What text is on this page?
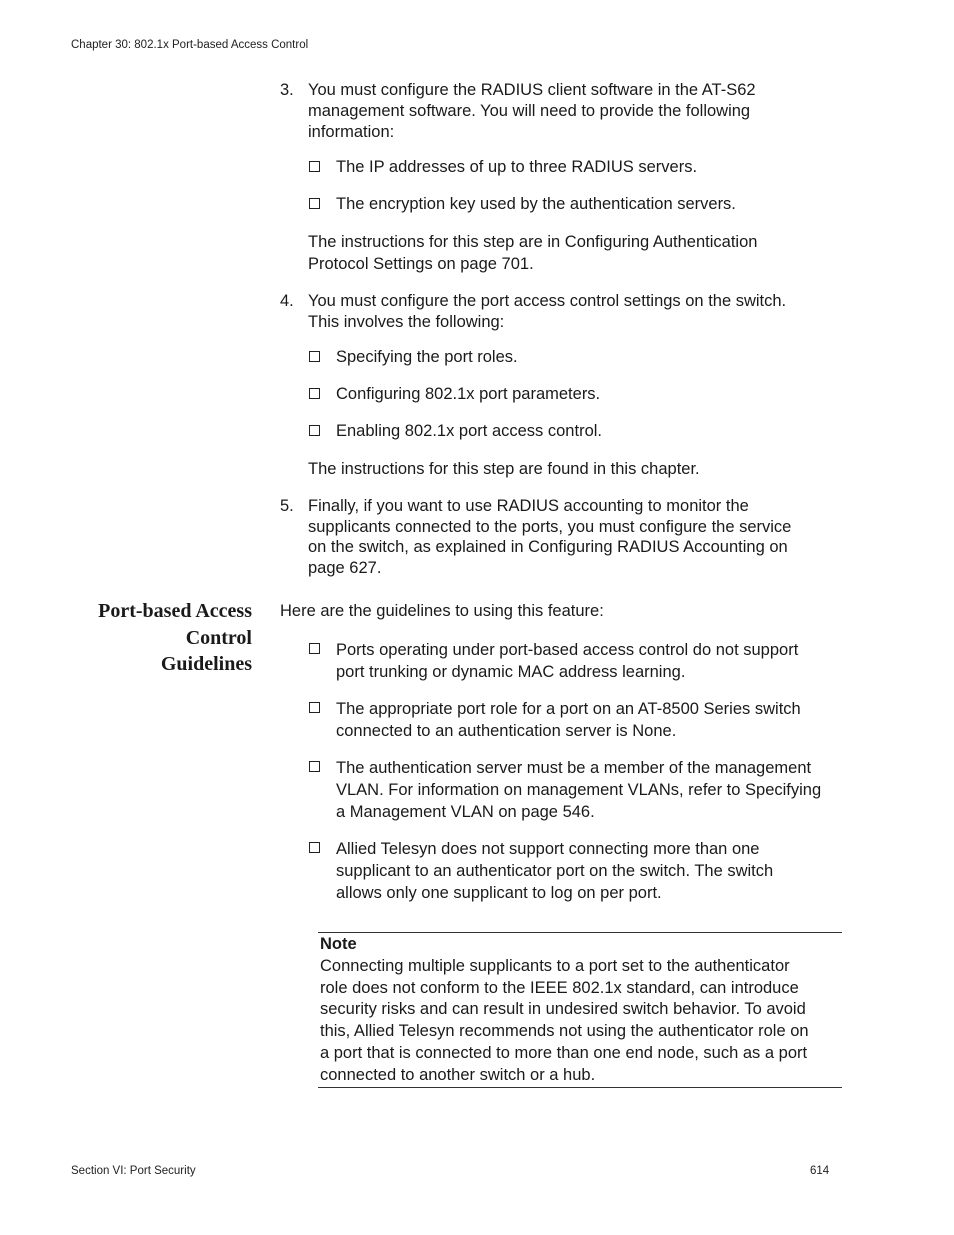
Chapter 30: 802.1x Port-based Access Control
3. You must configure the RADIUS client software in the AT-S62
management software. You will need to provide the following
information:
The IP addresses of up to three RADIUS servers.
The encryption key used by the authentication servers.
The instructions for this step are in Configuring Authentication
Protocol Settings on page 701.
4. You must configure the port access control settings on the switch.
This involves the following:
Specifying the port roles.
Configuring 802.1x port parameters.
Enabling 802.1x port access control.
The instructions for this step are found in this chapter.
5. Finally, if you want to use RADIUS accounting to monitor the
supplicants connected to the ports, you must configure the service
on the switch, as explained in Configuring RADIUS Accounting on
page 627.
Port-based Access
Control
Guidelines
Here are the guidelines to using this feature:
Ports operating under port-based access control do not support
port trunking or dynamic MAC address learning.
The appropriate port role for a port on an AT-8500 Series switch
connected to an authentication server is None.
The authentication server must be a member of the management
VLAN. For information on management VLANs, refer to Specifying
a Management VLAN on page 546.
Allied Telesyn does not support connecting more than one
supplicant to an authenticator port on the switch. The switch
allows only one supplicant to log on per port.
Note
Connecting multiple supplicants to a port set to the authenticator
role does not conform to the IEEE 802.1x standard, can introduce
security risks and can result in undesired switch behavior. To avoid
this, Allied Telesyn recommends not using the authenticator role on
a port that is connected to more than one end node, such as a port
connected to another switch or a hub.
Section VI: Port Security	614
